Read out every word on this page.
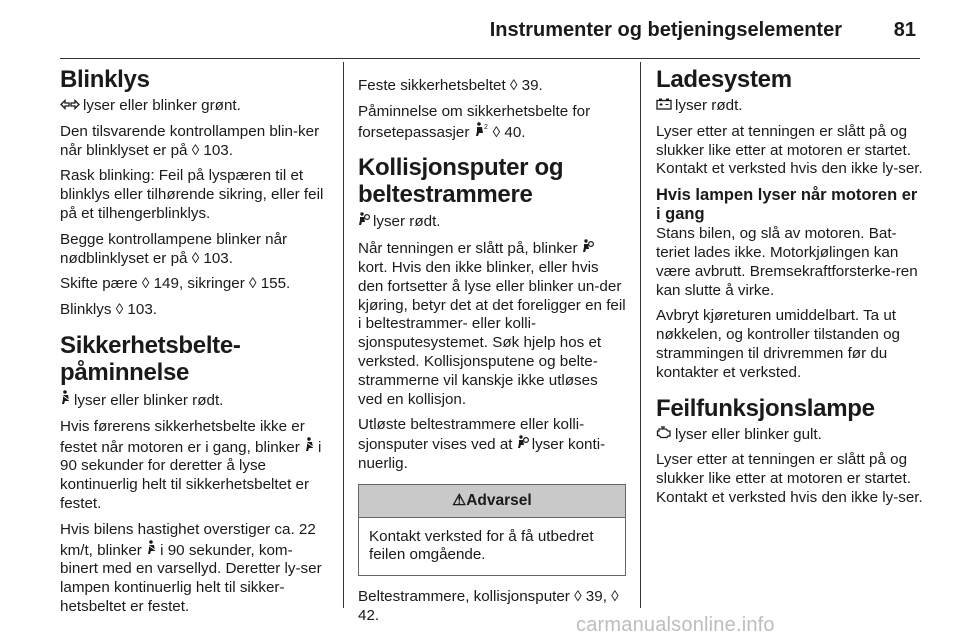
Instrumenter og betjeningselementer	81
Blinklys

lyser eller blinker grønt.

Den tilsvarende kontrollampen blin-ker når blinklyset er på ◊ 103.

Rask blinking: Feil på lyspæren til et blinklys eller tilhørende sikring, eller feil på et tilhengerblinklys.

Begge kontrollampene blinker når nødblinklyset er på ◊ 103.

Skifte pære ◊ 149, sikringer ◊ 155.

Blinklys ◊ 103.

Sikkerhetsbelte-
påminnelse

lyser eller blinker rødt.

Hvis førerens sikkerhetsbelte ikke er festet når motoren er i gang, blinker i 90 sekunder for deretter å lyse kontinuerlig helt til sikkerhetsbeltet er festet.

Hvis bilens hastighet overstiger ca. 22 km/t, blinker i 90 sekunder, kom-binert med en varsellyd. Deretter ly-ser lampen kontinuerlig helt til sikker-hetsbeltet er festet.

Feste sikkerhetsbeltet ◊ 39.

Påminnelse om sikkerhetsbelte for forsetepassasjer 2 ◊ 40.

Kollisjonsputer og beltestrammere

lyser rødt.

Når tenningen er slått på, blinker kort. Hvis den ikke blinker, eller hvis den fortsetter å lyse eller blinker un-der kjøring, betyr det at det foreligger en feil i beltestrammer- eller kolli-sjonsputesystemet. Søk hjelp hos et verksted. Kollisjonsputene og belte-strammerne vil kanskje ikke utløses ved en kollisjon.

Utløste beltestrammere eller kolli-sjonsputer vises ved at lyser konti-nuerlig.

⚠Advarsel
Kontakt verksted for å få utbedret feilen omgående.

Beltestrammere, kollisjonsputer ◊ 39, ◊ 42.

Ladesystem

lyser rødt.

Lyser etter at tenningen er slått på og slukker like etter at motoren er startet. Kontakt et verksted hvis den ikke ly-ser.

Hvis lampen lyser når motoren er i gang

Stans bilen, og slå av motoren. Bat-teriet lades ikke. Motorkjølingen kan være avbrutt. Bremsekraftforsterke-ren kan slutte å virke.

Avbryt kjøreturen umiddelbart. Ta ut nøkkelen, og kontroller tilstanden og strammingen til drivremmen før du kontakter et verksted.

Feilfunksjonslampe

lyser eller blinker gult.

Lyser etter at tenningen er slått på og slukker like etter at motoren er startet. Kontakt et verksted hvis den ikke ly-ser.

carmanualsonline.info
